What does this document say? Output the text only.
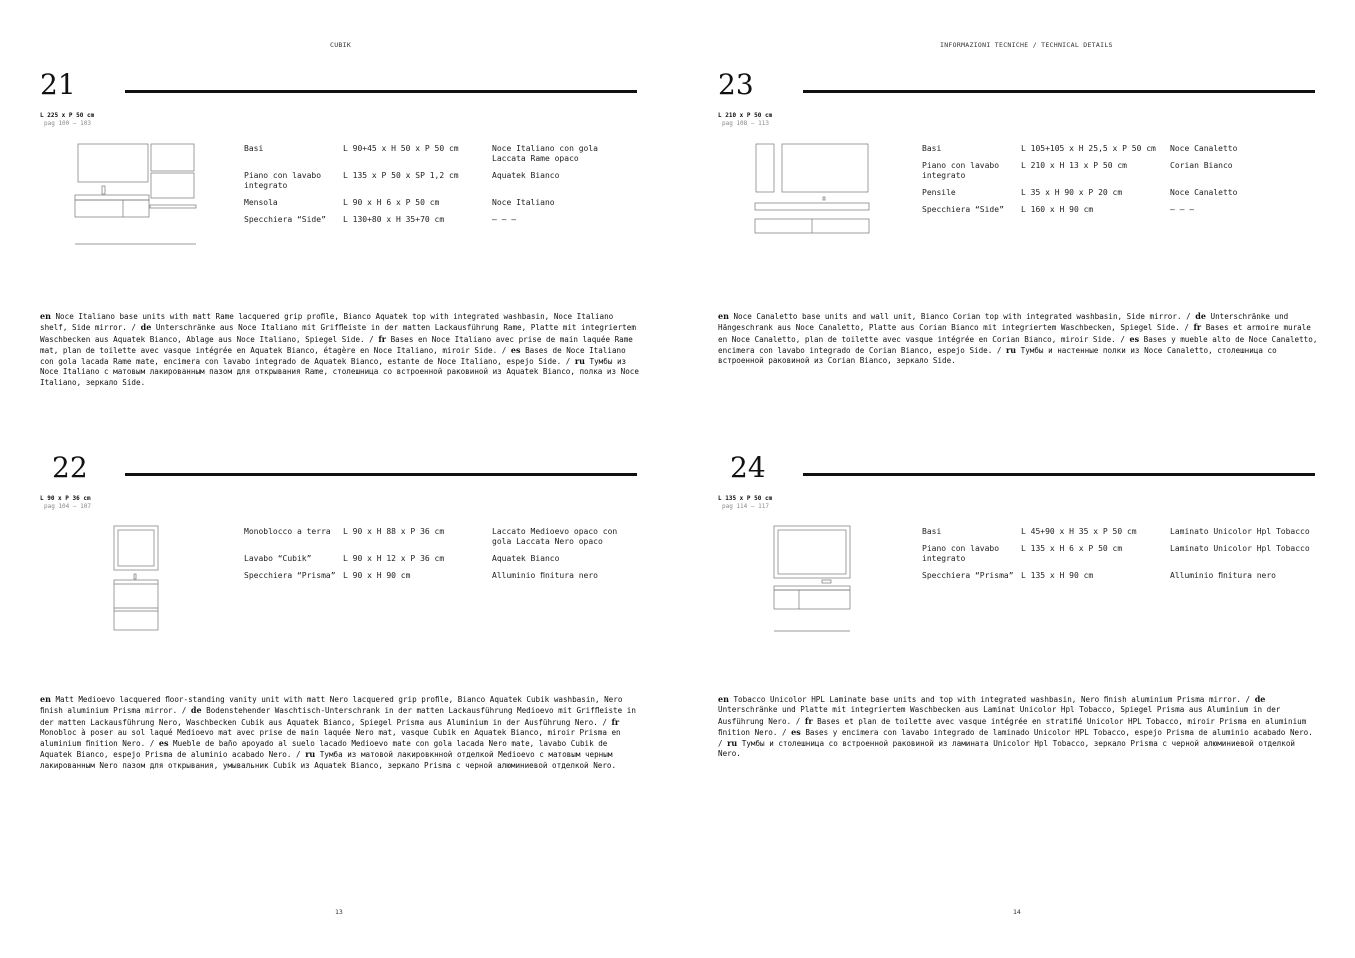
CUBIK	INFORMAZIONI TECNICHE / TECHNICAL DETAILS
21
L 225 x P 50 cm
pag 100 – 103
Basi	L 90+45 x H 50 x P 50 cm	Noce Italiano con gola Laccata Rame opaco
Piano con lavabo integrato	L 135 x P 50 x SP 1,2 cm	Aquatek Bianco
Mensola	L 90 x H 6 x P 50 cm	Noce Italiano
Specchiera “Side”	L 130+80 x H 35+70 cm	– – –
en Noce Italiano base units with matt Rame lacquered grip proﬁle, Bianco Aquatek top with integrated washbasin, Noce Italiano shelf, Side mirror. / de Unterschränke aus Noce Italiano mit Grifﬂeiste in der matten Lackausführung Rame, Platte mit integriertem Waschbecken aus Aquatek Bianco, Ablage aus Noce Italiano, Spiegel Side. / fr Bases en Noce Italiano avec prise de main laquée Rame mat, plan de toilette avec vasque intégrée en Aquatek Bianco, étagère en Noce Italiano, miroir Side. / es Bases de Noce Italiano con gola lacada Rame mate, encimera con lavabo integrado de Aquatek Bianco, estante de Noce Italiano, espejo Side. / ru Тумбы из Noce Italiano с матовым лакированным пазом для открывания Rame, столешница со встроенной раковиной из Aquatek Bianco, полка из Noce Italiano, зеркало Side.
23
L 210 x P 50 cm
pag 108 – 113
Basi	L 105+105 x H 25,5 x P 50 cm	Noce Canaletto
Piano con lavabo integrato	L 210 x H 13 x P 50 cm	Corian Bianco
Pensile	L 35 x H 90 x P 20 cm	Noce Canaletto
Specchiera “Side”	L 160 x H 90 cm	– – –
en Noce Canaletto base units and wall unit, Bianco Corian top with integrated washbasin, Side mirror. / de Unterschränke und Hängeschrank aus Noce Canaletto, Platte aus Corian Bianco mit integriertem Waschbecken, Spiegel Side. / fr Bases et armoire murale en Noce Canaletto, plan de toilette avec vasque intégrée en Corian Bianco, miroir Side. / es Bases y mueble alto de Noce Canaletto, encimera con lavabo integrado de Corian Bianco, espejo Side. / ru Тумбы и настенные полки из Noce Canaletto, столешница со встроенной раковиной из Corian Bianco, зеркало Side.
22
L 90 x P 36 cm
pag 104 – 107
Monoblocco a terra	L 90 x H 88 x P 36 cm	Laccato Medioevo opaco con gola Laccata Nero opaco
Lavabo “Cubik”	L 90 x H 12 x P 36 cm	Aquatek Bianco
Specchiera “Prisma”	L 90 x H 90 cm	Alluminio ﬁnitura nero
en Matt Medioevo lacquered ﬂoor-standing vanity unit with matt Nero lacquered grip proﬁle, Bianco Aquatek Cubik washbasin, Nero ﬁnish aluminium Prisma mirror. / de Bodenstehender Waschtisch-Unterschrank in der matten Lackausführung Medioevo mit Grifﬂeiste in der matten Lackausführung Nero, Waschbecken Cubik aus Aquatek Bianco, Spiegel Prisma aus Aluminium in der Ausführung Nero. / fr Monobloc à poser au sol laqué Medioevo mat avec prise de main laquée Nero mat, vasque Cubik en Aquatek Bianco, miroir Prisma en aluminium ﬁnition Nero. / es Mueble de baño apoyado al suelo lacado Medioevo mate con gola lacada Nero mate, lavabo Cubik de Aquatek Bianco, espejo Prisma de aluminio acabado Nero. / ru Тумба из матовой лакировкнной отделкой Medioevo с матовым черным лакированным Nero пазом для открывания, умывальник Cubik из Aquatek Bianco, зеркало Prisma с черной алюминиевой отделкой Nero.
24
L 135 x P 50 cm
pag 114 – 117
Basi	L 45+90 x H 35 x P 50 cm	Laminato Unicolor Hpl Tobacco
Piano con lavabo integrato	L 135 x H 6 x P 50 cm	Laminato Unicolor Hpl Tobacco
Specchiera “Prisma”	L 135 x H 90 cm	Alluminio ﬁnitura nero
en Tobacco Unicolor HPL Laminate base units and top with integrated washbasin, Nero ﬁnish aluminium Prisma mirror. / de Unterschränke und Platte mit integriertem Waschbecken aus Laminat Unicolor Hpl Tobacco, Spiegel Prisma aus Aluminium in der Ausführung Nero. / fr Bases et plan de toilette avec vasque intégrée en stratiﬁé Unicolor HPL Tobacco, miroir Prisma en aluminium ﬁnition Nero. / es Bases y encimera con lavabo integrado de laminado Unicolor HPL Tobacco, espejo Prisma de aluminio acabado Nero. / ru Тумбы и столешница со встроенной раковиной из ламината Unicolor Hpl Tobacco, зеркало Prisma с черной алюминиевой отделкой Nero.
13	14
